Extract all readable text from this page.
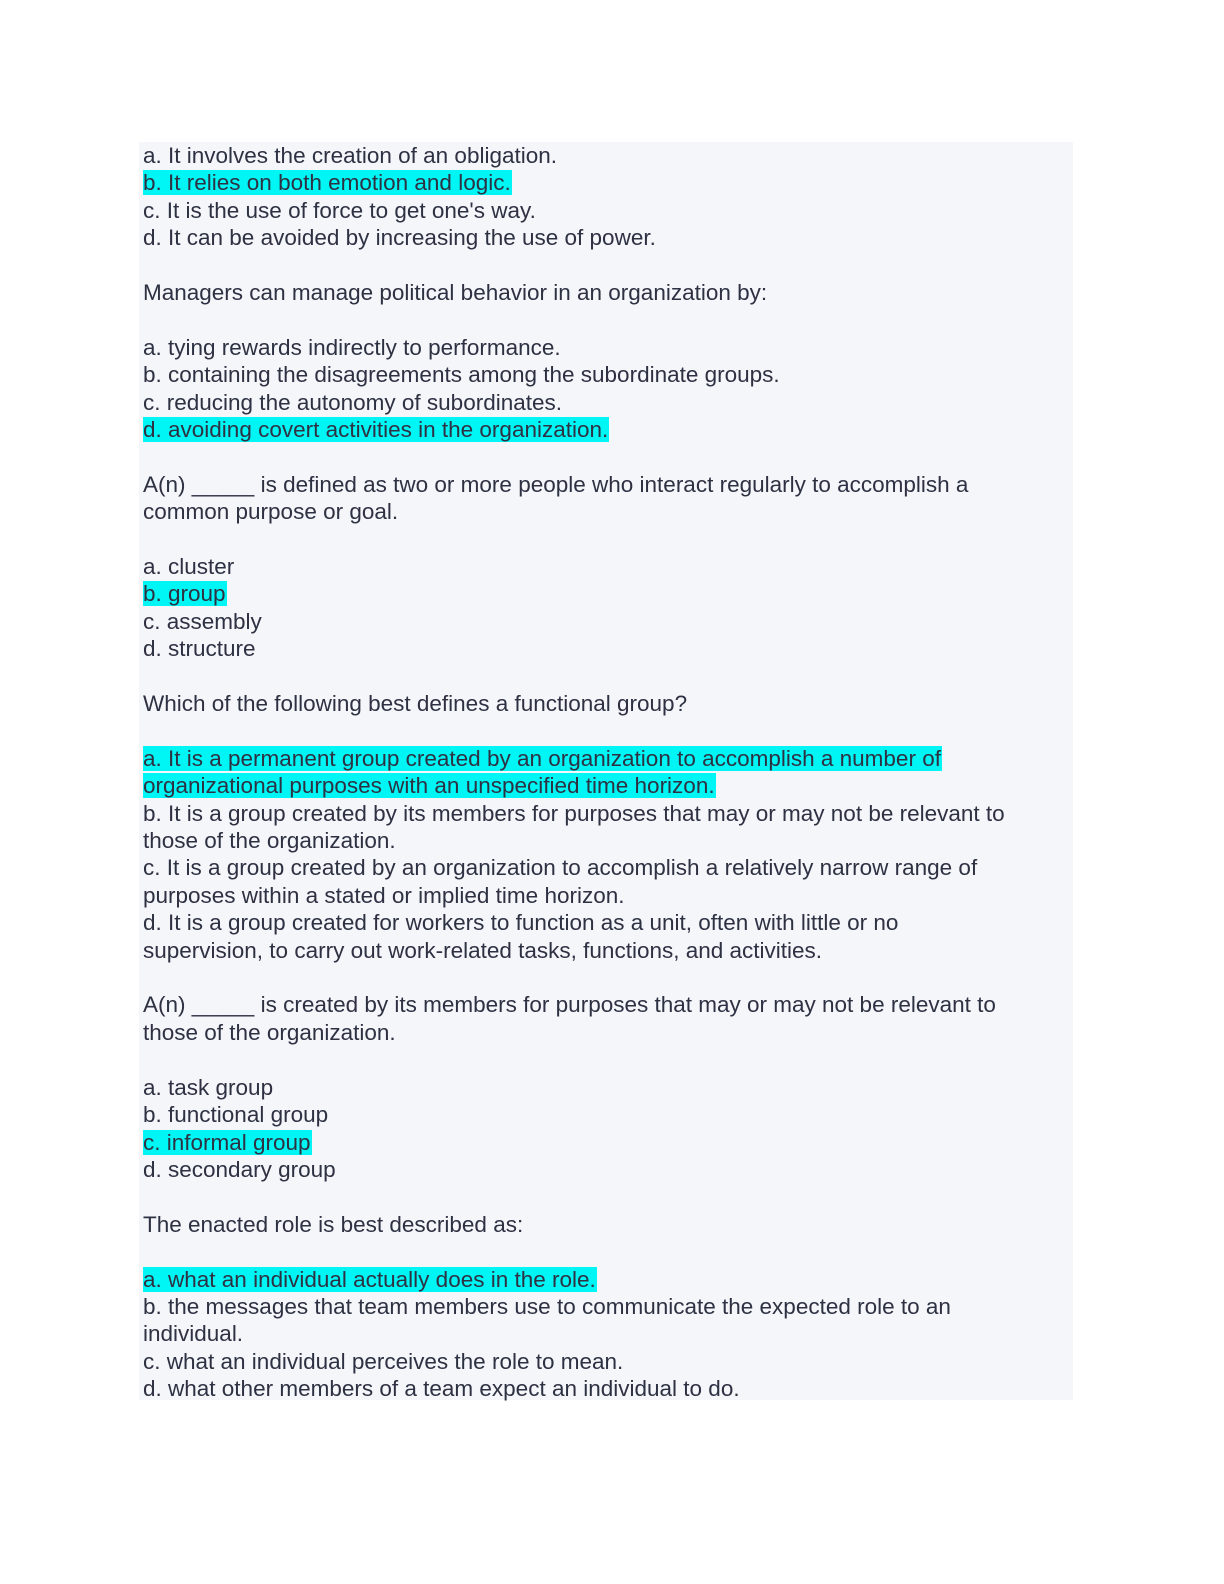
a. It involves the creation of an obligation.
b. It relies on both emotion and logic.
c. It is the use of force to get one's way.
d. It can be avoided by increasing the use of power.
Managers can manage political behavior in an organization by:
a. tying rewards indirectly to performance.
b. containing the disagreements among the subordinate groups.
c. reducing the autonomy of subordinates.
d. avoiding covert activities in the organization.
A(n) _____ is defined as two or more people who interact regularly to accomplish a
common purpose or goal.
a. cluster
b. group
c. assembly
d. structure
Which of the following best defines a functional group?
a. It is a permanent group created by an organization to accomplish a number of
organizational purposes with an unspecified time horizon.
b. It is a group created by its members for purposes that may or may not be relevant to
those of the organization.
c. It is a group created by an organization to accomplish a relatively narrow range of
purposes within a stated or implied time horizon.
d. It is a group created for workers to function as a unit, often with little or no
supervision, to carry out work-related tasks, functions, and activities.
A(n) _____ is created by its members for purposes that may or may not be relevant to
those of the organization.
a. task group
b. functional group
c. informal group
d. secondary group
The enacted role is best described as:
a. what an individual actually does in the role.
b. the messages that team members use to communicate the expected role to an
individual.
c. what an individual perceives the role to mean.
d. what other members of a team expect an individual to do.
